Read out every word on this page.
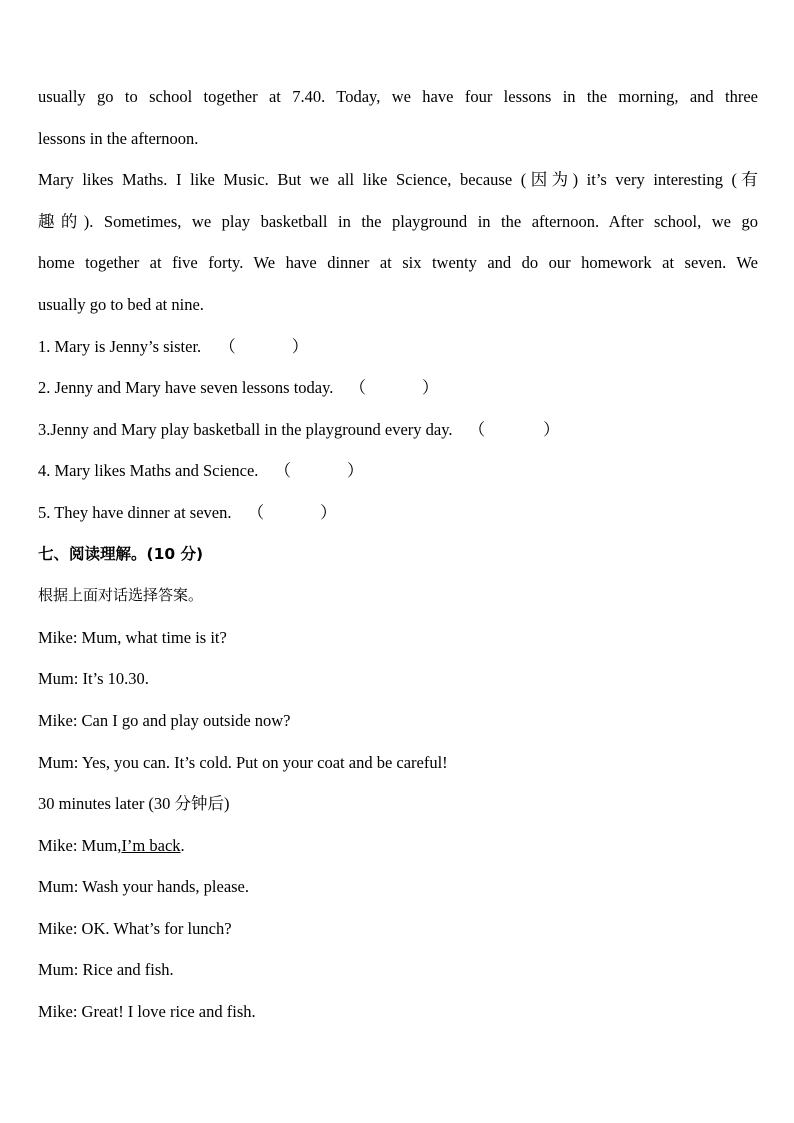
usually go to school together at 7.40. Today, we have four lessons in the morning, and three
lessons in the afternoon.
Mary likes Maths. I like Music. But we all like Science, because (因为) it’s very interesting (有
趣的). Sometimes, we play basketball in the playground in the afternoon. After school, we go
home together at five forty. We have dinner at six twenty and do our homework at seven. We
usually go to bed at nine.
1. Mary is Jenny’s sister. （	）
2. Jenny and Mary have seven lessons today. （	）
3.Jenny and Mary play basketball in the playground every day. （	）
4. Mary likes Maths and Science. （	）
5. They have dinner at seven. （	）
七、阅读理解。(10 分)
根据上面对话选择答案。
Mike: Mum, what time is it?
Mum: It’s 10.30.
Mike: Can I go and play outside now?
Mum: Yes, you can. It’s cold. Put on your coat and be careful!
30 minutes later (30 分钟后)
Mike: Mum,I’m back.
Mum: Wash your hands, please.
Mike: OK. What’s for lunch?
Mum: Rice and fish.
Mike: Great! I love rice and fish.
